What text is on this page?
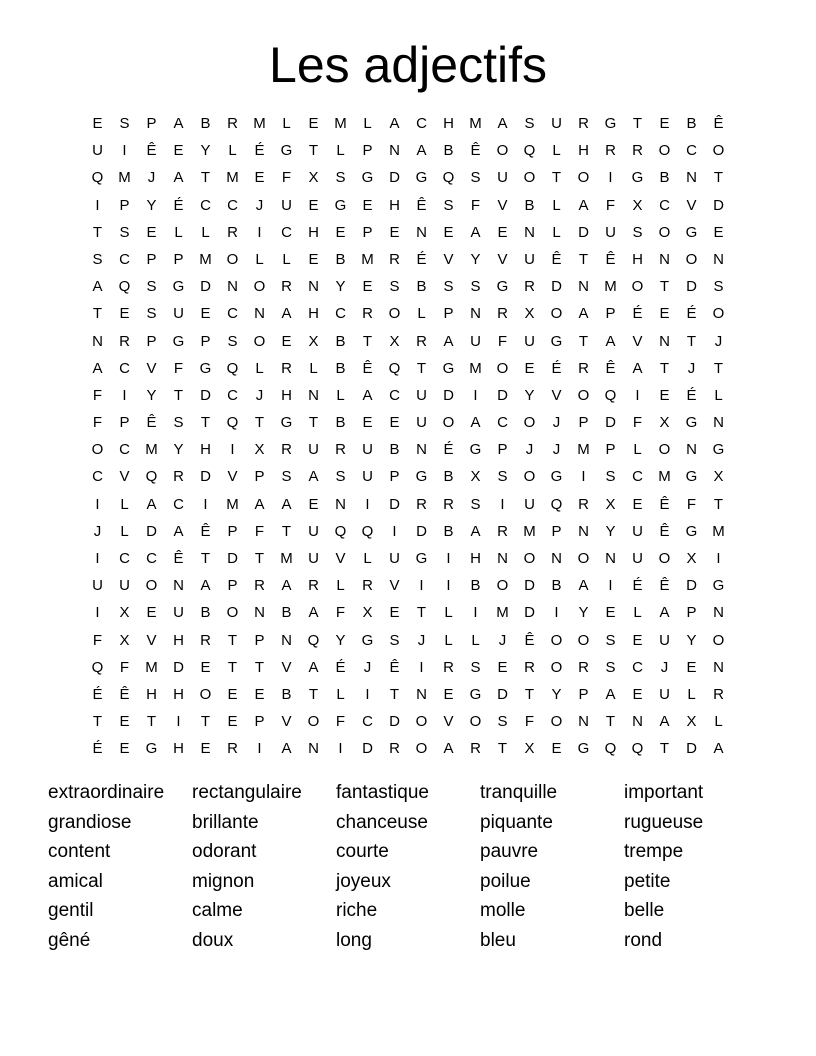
Les adjectifs
E	S	P	A	B	R	M	L	E	M	L	A	C	H	M	A	S	U	R	G	T	E	B	Ê
U	I	Ê	E	Y	L	É	G	T	L	P	N	A	B	Ê	O	Q	L	H	R	R	O	C	O
Q M	J	A	T	M	E	F	X	S	G	D	G	Q	S	U	O	T	O	I	G	B	N	T
I	P	Y	É	C	C	J	U	E	G	E	H	Ê	S	F	V	B	L	A	F	X	C	V	D
T	S	E	L	L	R	I	C	H	E	P	E	N	E	A	E	N	L	D	U	S	O	G	E
S	C	P	P	M O	L	L	E	B	M	R	É	V	Y	V	U	Ê	T	Ê	H	N	O	N
A	Q	S	G	D	N	O	R	N	Y	E	S	B	S	S	G	R	D	N	M O	T	D	S
T	E	S	U	E	C	N	A	H	C	R	O	L	P	N	R	X	O	A	P	É	E	É	O
N	R	P	G	P	S	O	E	X	B	T	X	R	A	U	F	U	G	T	A	V	N	T	J
A	C	V	F	G	Q	L	R	L	B	Ê	Q	T	G M O	E	É	R	Ê	A	T	J	T
F	I	Y	T	D	C	J	H	N	L	A	C	U	D	I	D	Y	V	O	Q	I	E	É	L
F	P	Ê	S	T	Q	T	G	T	B	E	E	U	O	A	C	O	J	P	D	F	X	G	N
O	C	M	Y	H	I	X	R	U	R	U	B	N	É	G	P	J	J	M	P	L	O	N	G
C	V	Q	R	D	V	P	S	A	S	U	P	G	B	X	S	O	G	I	S	C	M G	X
I	L	A	C	I	M	A	A	E	N	I	D	R	R	S	I	U	Q	R	X	E	Ê	F	T
J	L	D	A	Ê	P	F	T	U	Q	Q	I	D	B	A	R	M	P	N	Y	U	Ê	G M
I	C	C	Ê	T	D	T	M	U	V	L	U	G	I	H	N	O	N	O	N	U	O	X	I
U	U	O	N	A	P	R	A	R	L	R	V	I	I	B	O	D	B	A	I	É	Ê	D	G
I	X	E	U	B	O	N	B	A	F	X	E	T	L	I	M	D	I	Y	E	L	A	P	N
F	X	V	H	R	T	P	N	Q	Y	G	S	J	L	L	J	Ê	O	O	S	E	U	Y	O
Q	F	M	D	E	T	T	V	A	É	J	Ê	I	R	S	E	R	O	R	S	C	J	E	N
É	Ê	H	H	O	E	E	B	T	L	I	T	N	E	G	D	T	Y	P	A	E	U	L	R
T	E	T	I	T	E	P	V	O	F	C	D	O	V	O	S	F	O	N	T	N	A	X	L
É	E	G	H	E	R	I	A	N	I	D	R	O	A	R	T	X	E	G	Q	Q	T	D	A
extraordinaire	rectangulaire	fantastique	tranquille	important
grandiose	brillante	chanceuse	piquante	rugueuse
content	odorant	courte	pauvre	trempe
amical	mignon	joyeux	poilue	petite
gentil	calme	riche	molle	belle
gêné	doux	long	bleu	rond
